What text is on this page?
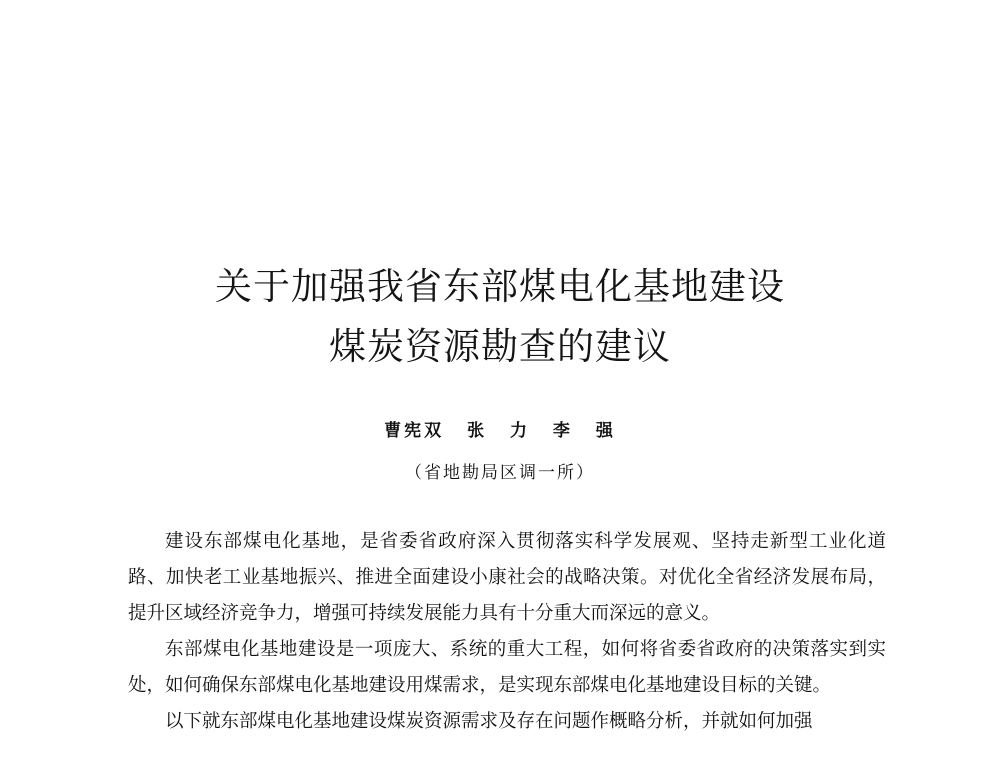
关于加强我省东部煤电化基地建设
煤炭资源勘查的建议
曹宪双 张 力 李 强
（省地勘局区调一所）

建设东部煤电化基地，是省委省政府深入贯彻落实科学发展观、坚持走新型工业化道路、加快老工业基地振兴、推进全面建设小康社会的战略决策。对优化全省经济发展布局，提升区域经济竞争力，增强可持续发展能力具有十分重大而深远的意义。

东部煤电化基地建设是一项庞大、系统的重大工程，如何将省委省政府的决策落实到实处，如何确保东部煤电化基地建设用煤需求，是实现东部煤电化基地建设目标的关键。

以下就东部煤电化基地建设煤炭资源需求及存在问题作概略分析，并就如何加强
